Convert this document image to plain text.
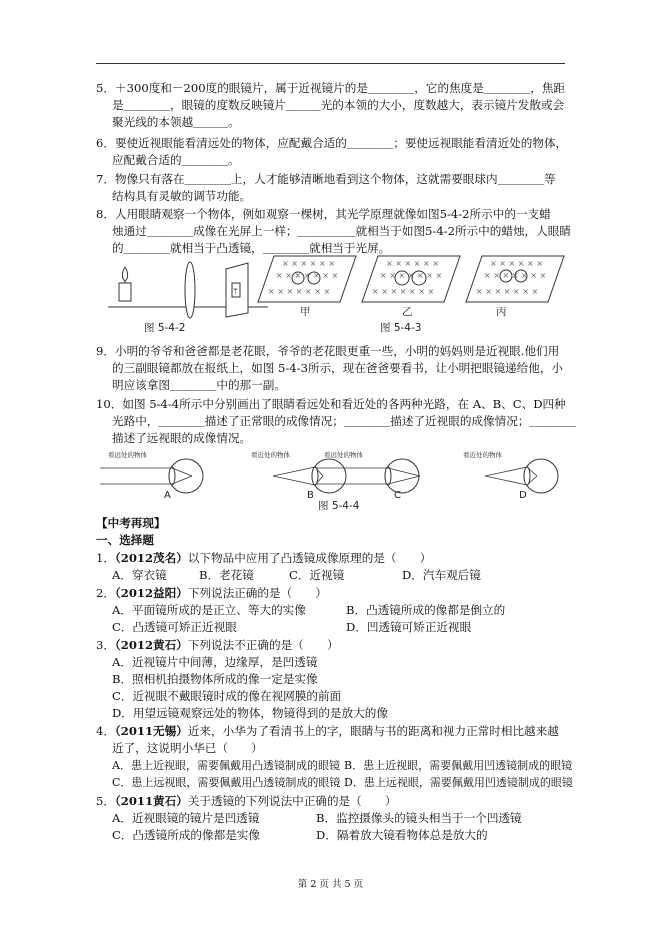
5．＋300度和－200度的眼镜片，属于近视镜片的是＿＿＿＿，它的焦度是＿＿＿＿，焦距
是＿＿＿＿，眼镜的度数反映镜片＿＿＿光的本领的大小，度数越大，表示镜片发散或会
聚光线的本领越＿＿＿。
6．要使近视眼能看清远处的物体，应配戴合适的＿＿＿＿；要使远视眼能看清近处的物体，
应配戴合适的＿＿＿＿。
7．物像只有落在＿＿＿＿上，人才能够清晰地看到这个物体，这就需要眼球内＿＿＿＿等
结构具有灵敏的调节功能。
8．人用眼睛观察一个物体，例如观察一棵树，其光学原理就像如图5-4-2所示中的一支蜡
烛通过＿＿＿＿成像在光屏上一样；＿＿＿＿＿就相当于如图5-4-2所示中的蜡烛，人眼睛
的＿＿＿＿就相当于凸透镜，＿＿＿＿就相当于光屏。
ᛘ
图 5-4-2
× × × × × × ×
× × × × × × ×
× × × × × ×
× × × × × × ×
× × × × × × ×
× × × × × ×
× × × × × × ×
× × × × × × ×
× × × × × ×
甲	乙	丙
图 5-4-3
9．小明的爷爷和爸爸都是老花眼，爷爷的老花眼更重一些，小明的妈妈则是近视眼.他们用
的三副眼镜都放在报纸上，如图 5-4-3所示，现在爸爸要看书，让小明把眼镜递给他，小
明应该拿图＿＿＿＿中的那一副。
10．如图 5-4-4所示中分别画出了眼睛看远处和看近处的各两种光路，在 A、B、C、D四种
光路中，＿＿＿＿描述了正常眼的成像情况；＿＿＿＿描述了近视眼的成像情况；＿＿＿＿
描述了远视眼的成像情况。
看远处的物体
A
看近处的物体
B
看远处的物体
C
看近处的物体
D
图 5-4-4
【中考再现】
一、选择题
1．（2012茂名）以下物品中应用了凸透镜成像原理的是（　　）
A．穿衣镜	B．老花镜	C．近视镜	D．汽车观后镜
2．（2012益阳）下列说法正确的是（　　）
A．平面镜所成的是正立、等大的实像	B．凸透镜所成的像都是倒立的
C．凸透镜可矫正近视眼	D．凹透镜可矫正近视眼
3．（2012黄石）下列说法不正确的是（　　）
A．近视镜片中间薄，边缘厚，是凹透镜
B．照相机拍摄物体所成的像一定是实像
C．近视眼不戴眼镜时成的像在视网膜的前面
D．用望远镜观察远处的物体，物镜得到的是放大的像
4．（2011无锡）近来，小华为了看清书上的字，眼睛与书的距离和视力正常时相比越来越
近了，这说明小华已（　　）
A．患上近视眼，需要佩戴用凸透镜制成的眼镜 B．患上近视眼，需要佩戴用凹透镜制成的眼镜
C．患上远视眼，需要佩戴用凸透镜制成的眼镜 D．患上远视眼，需要佩戴用凹透镜制成的眼镜
5．（2011黄石）关于透镜的下列说法中正确的是（　　）
A．近视眼镜的镜片是凹透镜	B．监控摄像头的镜头相当于一个凹透镜
C．凸透镜所成的像都是实像	D．隔着放大镜看物体总是放大的
第 2 页 共 5 页
